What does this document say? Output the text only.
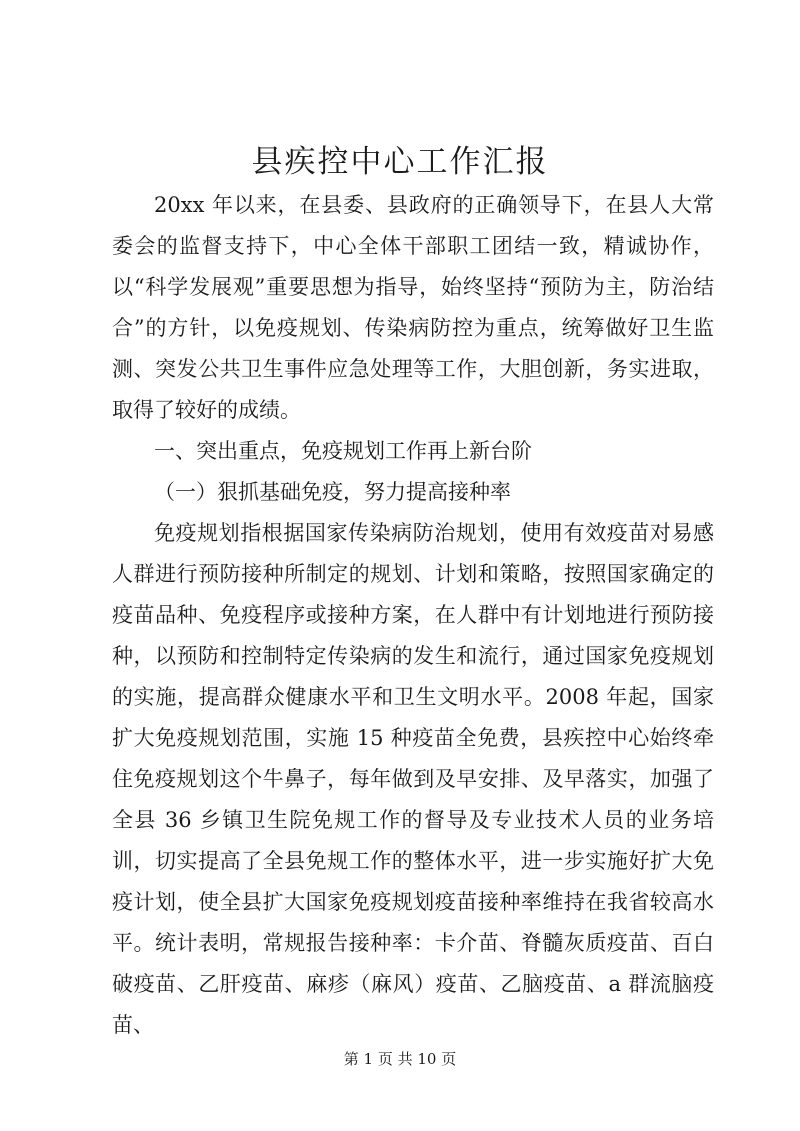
县疾控中心工作汇报

20xx 年以来，在县委、县政府的正确领导下，在县人大常委会的监督支持下，中心全体干部职工团结一致，精诚协作，以“科学发展观”重要思想为指导，始终坚持“预防为主，防治结合”的方针，以免疫规划、传染病防控为重点，统筹做好卫生监测、突发公共卫生事件应急处理等工作，大胆创新，务实进取，取得了较好的成绩。

一、突出重点，免疫规划工作再上新台阶

（一）狠抓基础免疫，努力提高接种率

免疫规划指根据国家传染病防治规划，使用有效疫苗对易感人群进行预防接种所制定的规划、计划和策略，按照国家确定的疫苗品种、免疫程序或接种方案，在人群中有计划地进行预防接种，以预防和控制特定传染病的发生和流行，通过国家免疫规划的实施，提高群众健康水平和卫生文明水平。2008 年起，国家扩大免疫规划范围，实施 15 种疫苗全免费，县疾控中心始终牵住免疫规划这个牛鼻子，每年做到及早安排、及早落实，加强了全县 36 乡镇卫生院免规工作的督导及专业技术人员的业务培训，切实提高了全县免规工作的整体水平，进一步实施好扩大免疫计划，使全县扩大国家免疫规划疫苗接种率维持在我省较高水平。统计表明，常规报告接种率：卡介苗、脊髓灰质疫苗、百白破疫苗、乙肝疫苗、麻疹（麻风）疫苗、乙脑疫苗、a 群流脑疫苗、

第 1 页 共 10 页
